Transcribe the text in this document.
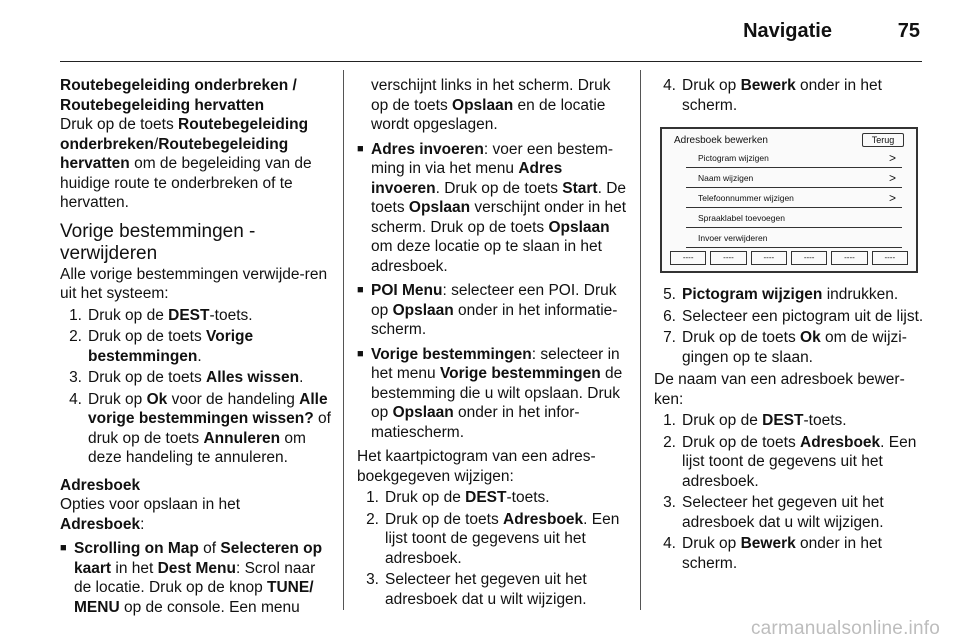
Navigatie	75

Routebegeleiding onderbreken / Routebegeleiding hervatten

Druk op de toets Routebegeleiding onderbreken/Routebegeleiding hervatten om de begeleiding van de huidige route te onderbreken of te hervatten.

Vorige bestemmingen - verwijderen

Alle vorige bestemmingen verwijde-ren uit het systeem:

1. Druk op de DEST-toets.
2. Druk op de toets Vorige bestemmingen.
3. Druk op de toets Alles wissen.
4. Druk op Ok voor de handeling Alle vorige bestemmingen wissen? of druk op de toets Annuleren om deze handeling te annuleren.

Adresboek

Opties voor opslaan in het

Adresboek:

■ Scrolling on Map of Selecteren op kaart in het Dest Menu: Scrol naar de locatie. Druk op de knop TUNE/ MENU op de console. Een menu

verschijnt links in het scherm. Druk op de toets Opslaan en de locatie wordt opgeslagen.

■ Adres invoeren: voer een bestem-ming in via het menu Adres invoeren. Druk op de toets Start. De toets Opslaan verschijnt onder in het scherm. Druk op de toets Opslaan om deze locatie op te slaan in het adresboek.
■ POI Menu: selecteer een POI. Druk op Opslaan onder in het informatie-scherm.
■ Vorige bestemmingen: selecteer in het menu Vorige bestemmingen de bestemming die u wilt opslaan. Druk op Opslaan onder in het infor-matiescherm.

Het kaartpictogram van een adres-boekgegeven wijzigen:

1. Druk op de DEST-toets.
2. Druk op de toets Adresboek. Een lijst toont de gegevens uit het adresboek.
3. Selecteer het gegeven uit het adresboek dat u wilt wijzigen.
4. Druk op Bewerk onder in het scherm.
Adresboek bewerken	Terug
Pictogram wijzigen	>
Naam wijzigen	>
Telefoonnummer wijzigen	>
Spraaklabel toevoegen
Invoer verwijderen
----	----	----	----	----	----
5. Pictogram wijzigen indrukken.
6. Selecteer een pictogram uit de lijst.
7. Druk op de toets Ok om de wijzi-gingen op te slaan.

De naam van een adresboek bewer-ken:

1. Druk op de DEST-toets.
2. Druk op de toets Adresboek. Een lijst toont de gegevens uit het adresboek.
3. Selecteer het gegeven uit het adresboek dat u wilt wijzigen.
4. Druk op Bewerk onder in het scherm.
carmanualsonline.info
